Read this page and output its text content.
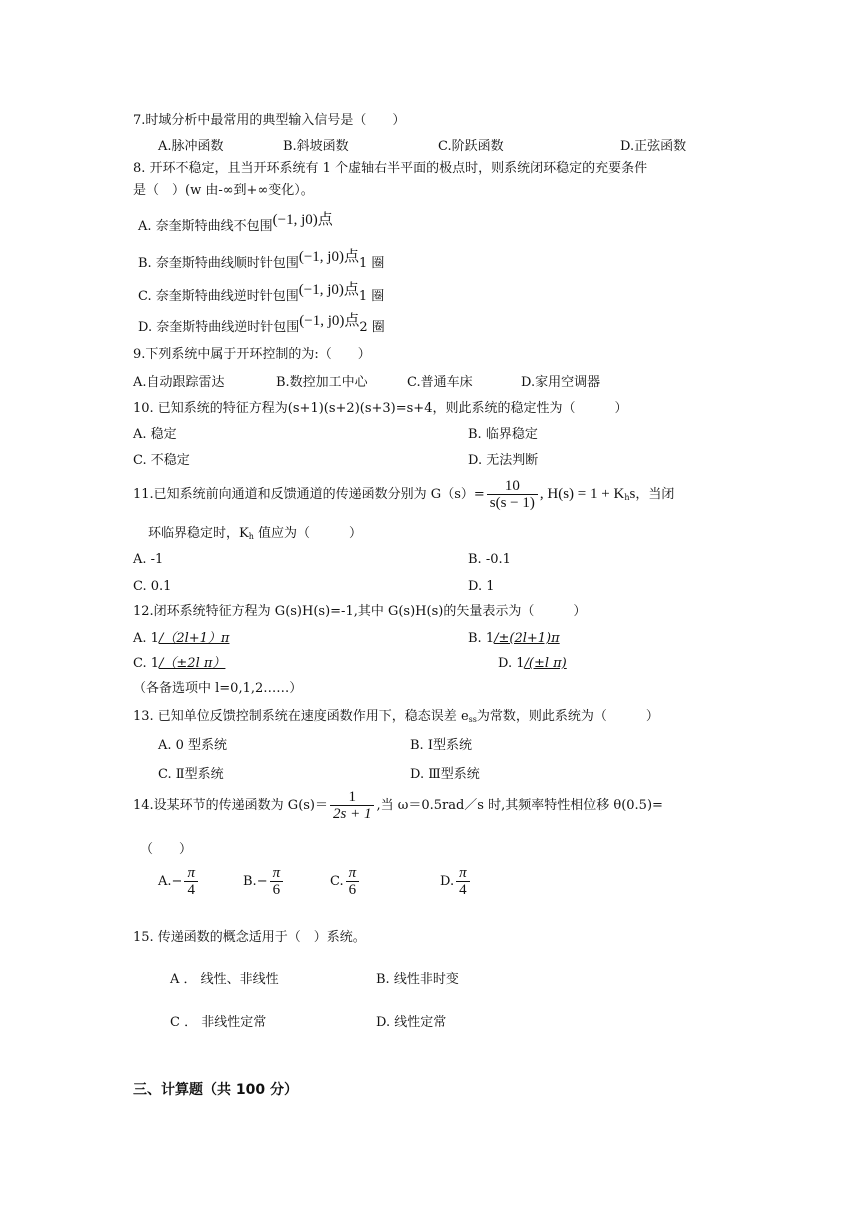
7.时域分析中最常用的典型输入信号是（　　）
A.脉冲函数	B.斜坡函数	C.阶跃函数	D.正弦函数
8. 开环不稳定，且当开环系统有 1 个虚轴右半平面的极点时，则系统闭环稳定的充要条件
是（　）(w 由-∞到+∞变化）。
A. 奈奎斯特曲线不包围(−1, j0)点
B. 奈奎斯特曲线顺时针包围(−1, j0)点1 圈
C. 奈奎斯特曲线逆时针包围(−1, j0)点1 圈
D. 奈奎斯特曲线逆时针包围(−1, j0)点2 圈
9.下列系统中属于开环控制的为:（　　）
A.自动跟踪雷达	B.数控加工中心	C.普通车床	D.家用空调器
10. 已知系统的特征方程为(s+1)(s+2)(s+3)=s+4，则此系统的稳定性为（　　　）
A. 稳定	B. 临界稳定
C. 不稳定	D. 无法判断
11.已知系统前向通道和反馈通道的传递函数分别为 $G(s)= \frac{10}{s(s - 1)}$ , $H(s) = 1 + K_hs$，当闭
环临界稳定时，$K_h$ 值应为（　　　）
A. -1	B. -0.1
C. 0.1	D. 1
12.闭环系统特征方程为 G(s)H(s)=-1,其中 G(s)H(s)的矢量表示为（　　　）
A. 1/（2l+1）π	B. 1/±(2l+1)π
C. 1/（±2l π）	D. 1/(±l π)
（各备选项中 l=0,1,2……）
13. 已知单位反馈控制系统在速度函数作用下，稳态误差 $e_{ss}$为常数，则此系统为（　　　）
A. 0 型系统	B. Ⅰ型系统
C. Ⅱ型系统	D. Ⅲ型系统
14.设某环节的传递函数为 $G(s)= \frac{1}{2s + 1}$ ,当 ω＝0.5rad／s 时,其频率特性相位移 θ(0.5)=
（　　）
$A.- \frac{\pi}{4}$	$B.- \frac{\pi}{6}$	C. $\frac{\pi}{6}$	D. $\frac{\pi}{4}$
15. 传递函数的概念适用于（　）系统。
A ． 线性、非线性	B. 线性非时变
C ． 非线性定常	D. 线性定常
三、计算题（共 100 分）
